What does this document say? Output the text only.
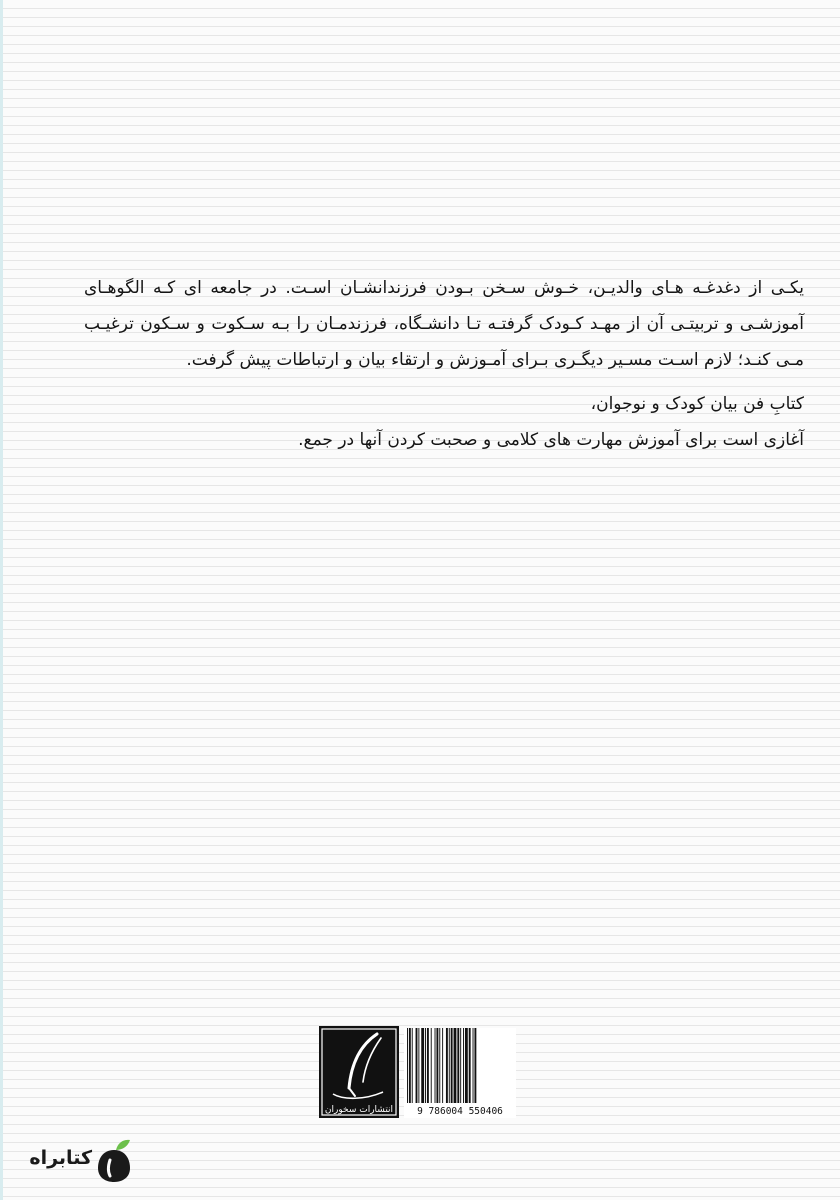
یکـی از دغدغـه هـای والدیـن، خـوش سـخن بـودن فرزندانشـان اسـت. در جامعه ای کـه الگوهـای آموزشـی و تربیتـی آن از مهـد کـودک گرفتـه تـا دانشـگاه، فرزندمـان را بـه سـکوت و سـکون ترغیـب مـی کنـد؛ لازم اسـت مسـیر دیگـری بـرای آمـوزش و ارتقاء بیان و ارتباطات پیش گرفت.

کتابِ فن بیان کودک و نوجوان،

آغازی است برای آموزش مهارت های کلامی و صحبت کردن آنها در جمع.

انتشارات سخوران	9 786004 550406
کتابراه
